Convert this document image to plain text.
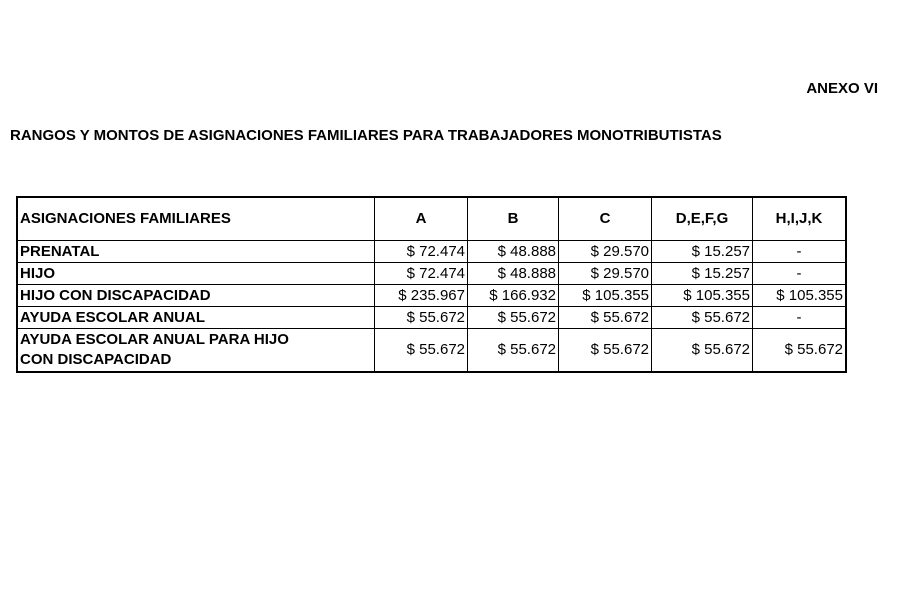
ANEXO VI
RANGOS Y MONTOS DE ASIGNACIONES FAMILIARES PARA TRABAJADORES MONOTRIBUTISTAS
ASIGNACIONES FAMILIARES	A	B	C	D,E,F,G	H,I,J,K
PRENATAL	$ 72.474	$ 48.888	$ 29.570	$ 15.257	-
HIJO	$ 72.474	$ 48.888	$ 29.570	$ 15.257	-
HIJO CON DISCAPACIDAD	$ 235.967	$ 166.932	$ 105.355	$ 105.355	$ 105.355
AYUDA ESCOLAR ANUAL	$ 55.672	$ 55.672	$ 55.672	$ 55.672	-
AYUDA ESCOLAR ANUAL PARA HIJO
CON DISCAPACIDAD	$ 55.672	$ 55.672	$ 55.672	$ 55.672	$ 55.672
